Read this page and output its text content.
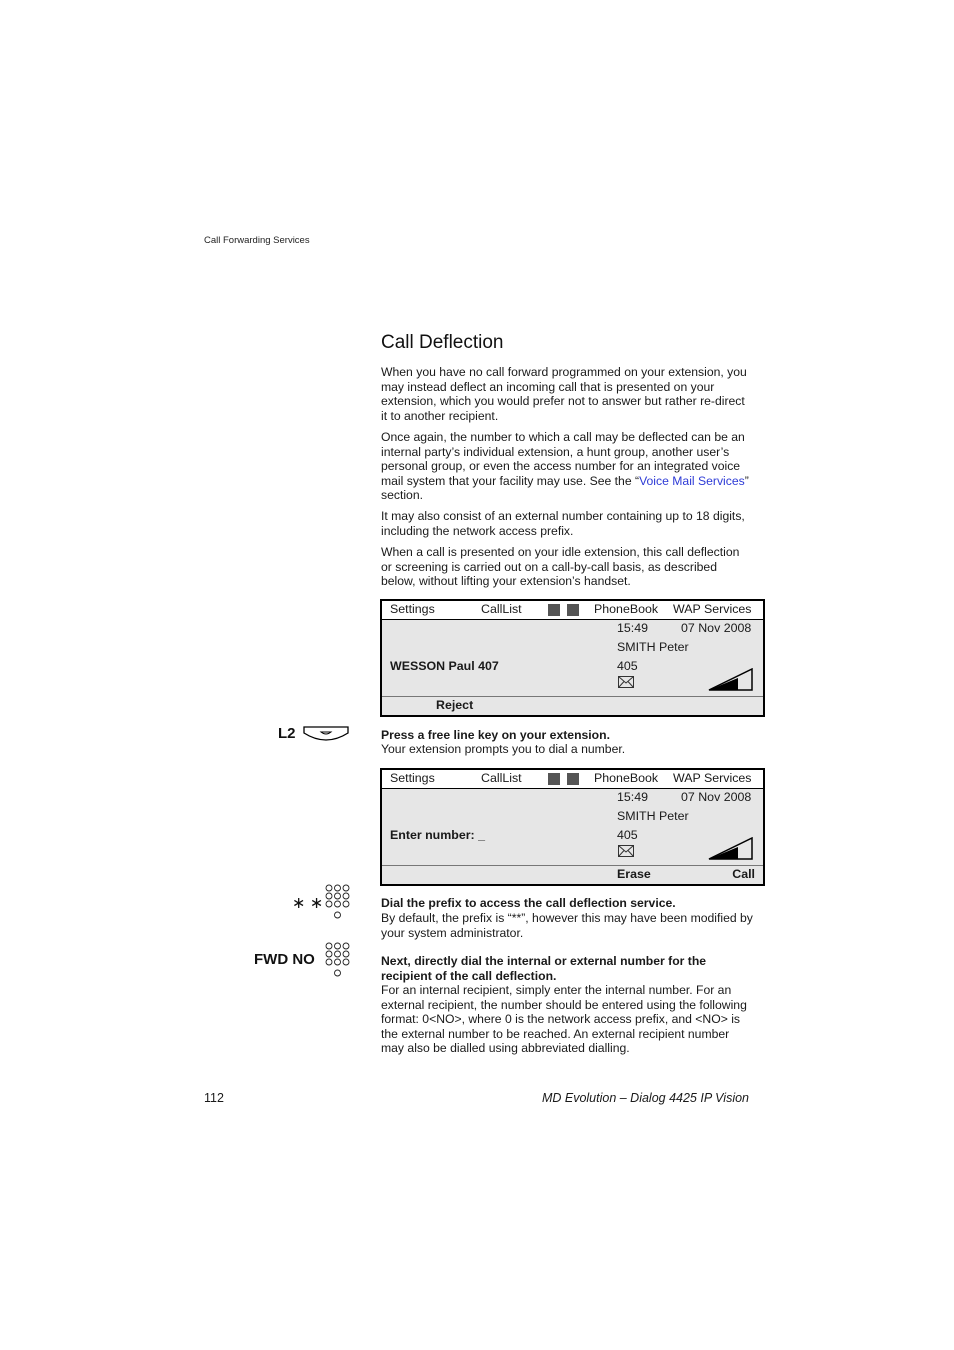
Call Forwarding Services
Call Deflection

When you have no call forward programmed on your extension, you may instead deflect an incoming call that is presented on your extension, which you would prefer not to answer but rather re-direct it to another recipient.

Once again, the number to which a call may be deflected can be an internal party’s individual extension, a hunt group, another user’s personal group, or even the access number for an integrated voice mail system that your facility may use. See the “Voice Mail Services” section.

It may also consist of an external number containing up to 18 digits, including the network access prefix.

When a call is presented on your idle extension, this call deflection or screening is carried out on a call-by-call basis, as described below, without lifting your extension’s handset.

Settings	CallList	PhoneBook WAP Services
15:49	07 Nov 2008
SMITH Peter
WESSON Paul 407	405
Reject
L2	Press a free line key on your extension.

Your extension prompts you to dial a number.

Settings	CallList	PhoneBook WAP Services
15:49	07 Nov 2008
SMITH Peter
Enter number: _	405
Erase	Call
∗ ∗	Dial the prefix to access the call deflection service.

By default, the prefix is “**”, however this may have been modified by your system administrator.

FWD NO	Next, directly dial the internal or external number for the recipient of the call deflection.

For an internal recipient, simply enter the internal number. For an external recipient, the number should be entered using the following format: 0<NO>, where 0 is the network access prefix, and <NO> is the external number to be reached. An external recipient number may also be dialled using abbreviated dialling.

112	MD Evolution – Dialog 4425 IP Vision
